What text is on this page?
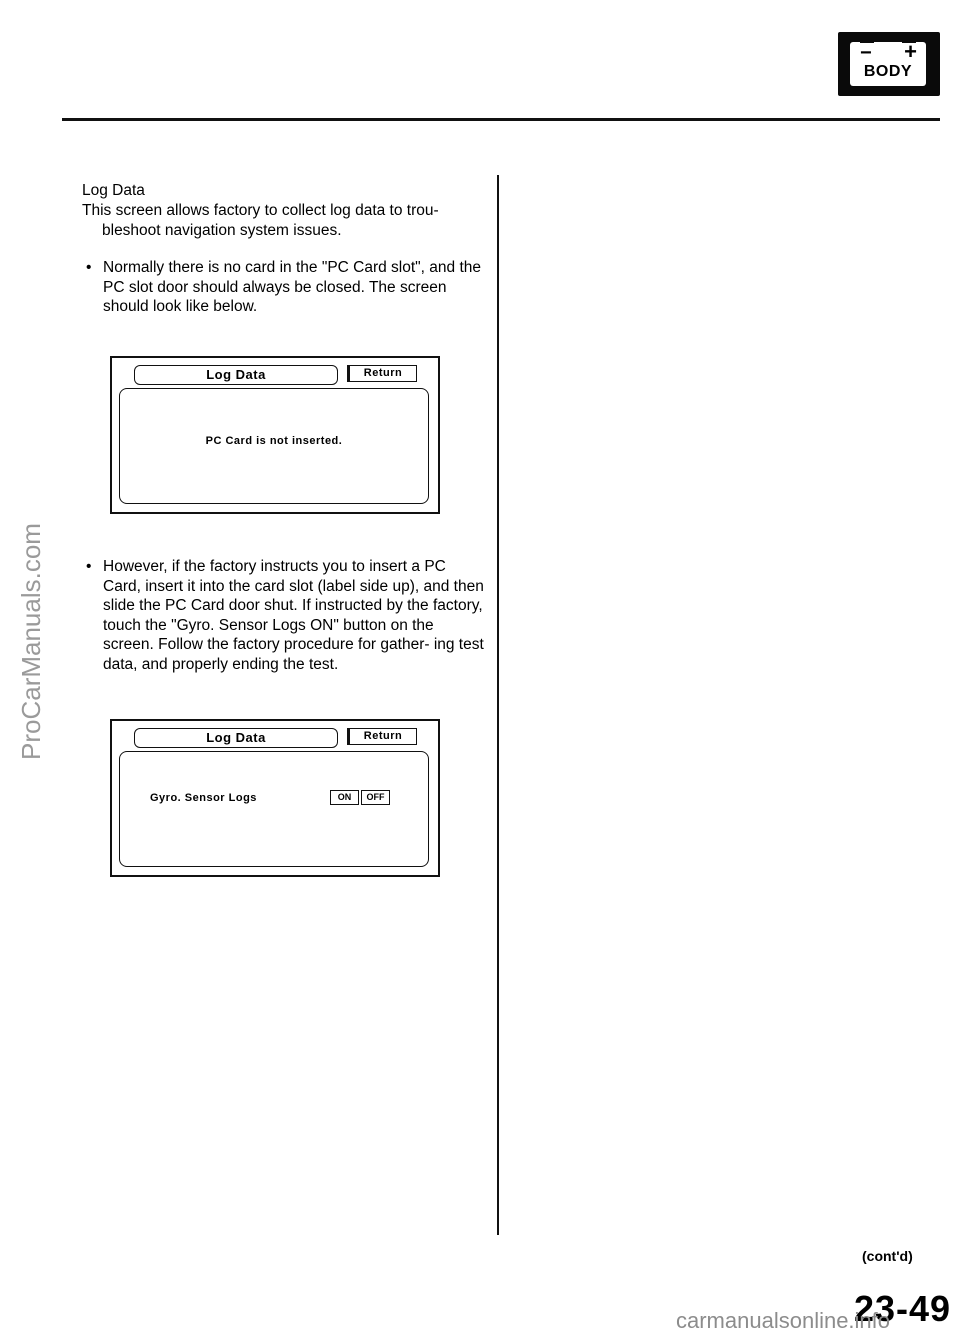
− +
BODY
ProCarManuals.com
Log Data
This screen allows factory to collect log data to trou-
bleshoot navigation system issues.
• Normally there is no card in the "PC Card slot", and the PC slot door should always be closed. The screen should look like below.
Log Data	Return
PC Card is not inserted.
• However, if the factory instructs you to insert a PC Card, insert it into the card slot (label side up), and then slide the PC Card door shut. If instructed by the factory, touch the "Gyro. Sensor Logs ON" button on the screen. Follow the factory procedure for gather- ing test data, and properly ending the test.
Log Data	Return
Gyro. Sensor Logs	ON	OFF
(cont'd)
23-49
carmanualsonline.info
